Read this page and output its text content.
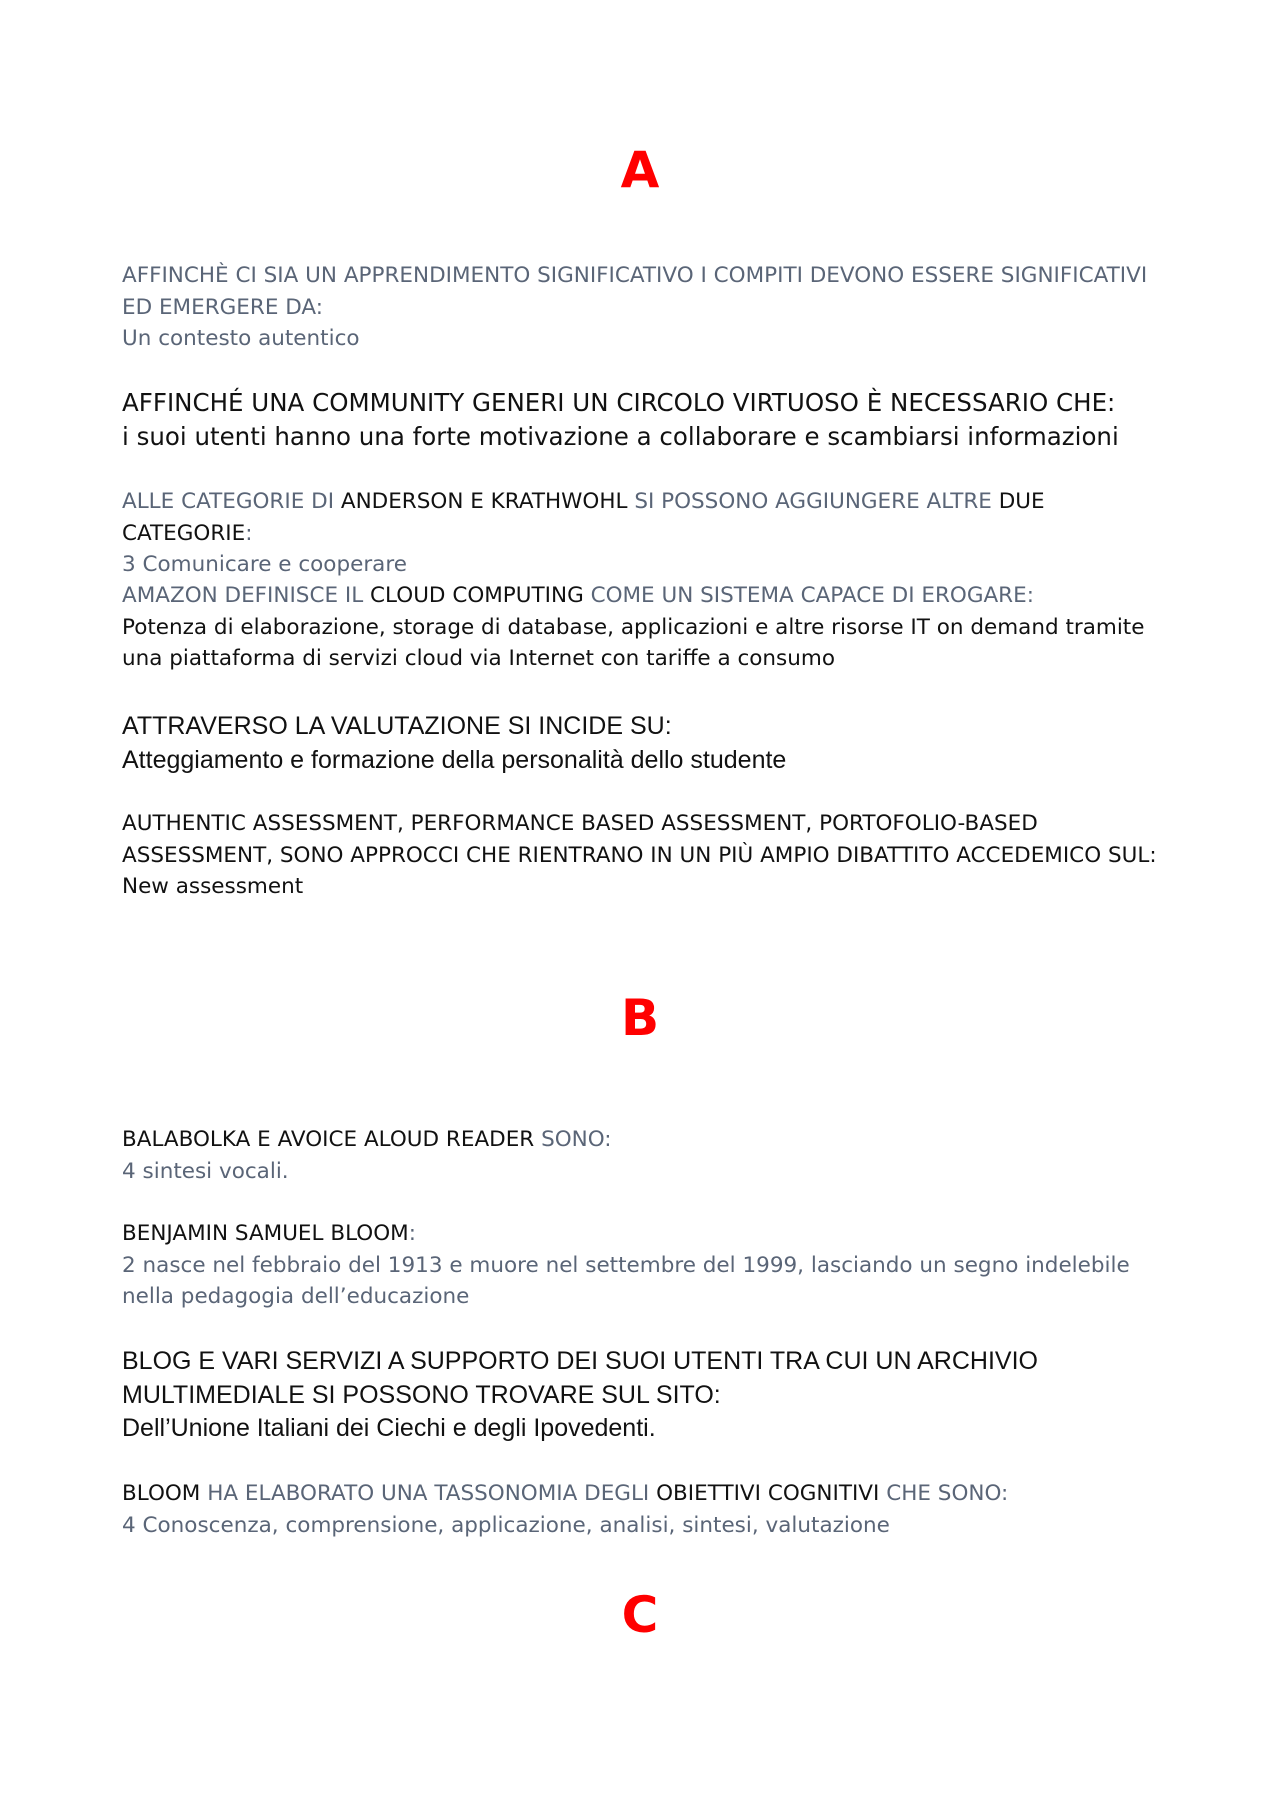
A

AFFINCHÈ CI SIA UN APPRENDIMENTO SIGNIFICATIVO I COMPITI DEVONO ESSERE SIGNIFICATIVI ED EMERGERE DA:

Un contesto autentico

AFFINCHÉ UNA COMMUNITY GENERI UN CIRCOLO VIRTUOSO È NECESSARIO CHE:

i suoi utenti hanno una forte motivazione a collaborare e scambiarsi informazioni

ALLE CATEGORIE DI ANDERSON E KRATHWOHL SI POSSONO AGGIUNGERE ALTRE DUE CATEGORIE:

3 Comunicare e cooperare

AMAZON DEFINISCE IL CLOUD COMPUTING COME UN SISTEMA CAPACE DI EROGARE:

Potenza di elaborazione, storage di database, applicazioni e altre risorse IT on demand tramite una piattaforma di servizi cloud via Internet con tariffe a consumo

ATTRAVERSO LA VALUTAZIONE SI INCIDE SU:

Atteggiamento e formazione della personalità dello studente

AUTHENTIC ASSESSMENT, PERFORMANCE BASED ASSESSMENT, PORTOFOLIO-BASED ASSESSMENT, SONO APPROCCI CHE RIENTRANO IN UN PIÙ AMPIO DIBATTITO ACCEDEMICO SUL:

New assessment

B

BALABOLKA E AVOICE ALOUD READER SONO:

4 sintesi vocali.

BENJAMIN SAMUEL BLOOM:

2 nasce nel febbraio del 1913 e muore nel settembre del 1999, lasciando un segno indelebile nella pedagogia dell’educazione

BLOG E VARI SERVIZI A SUPPORTO DEI SUOI UTENTI TRA CUI UN ARCHIVIO MULTIMEDIALE SI POSSONO TROVARE SUL SITO:

Dell’Unione Italiani dei Ciechi e degli Ipovedenti.

BLOOM HA ELABORATO UNA TASSONOMIA DEGLI OBIETTIVI COGNITIVI CHE SONO:

4 Conoscenza, comprensione, applicazione, analisi, sintesi, valutazione

C
